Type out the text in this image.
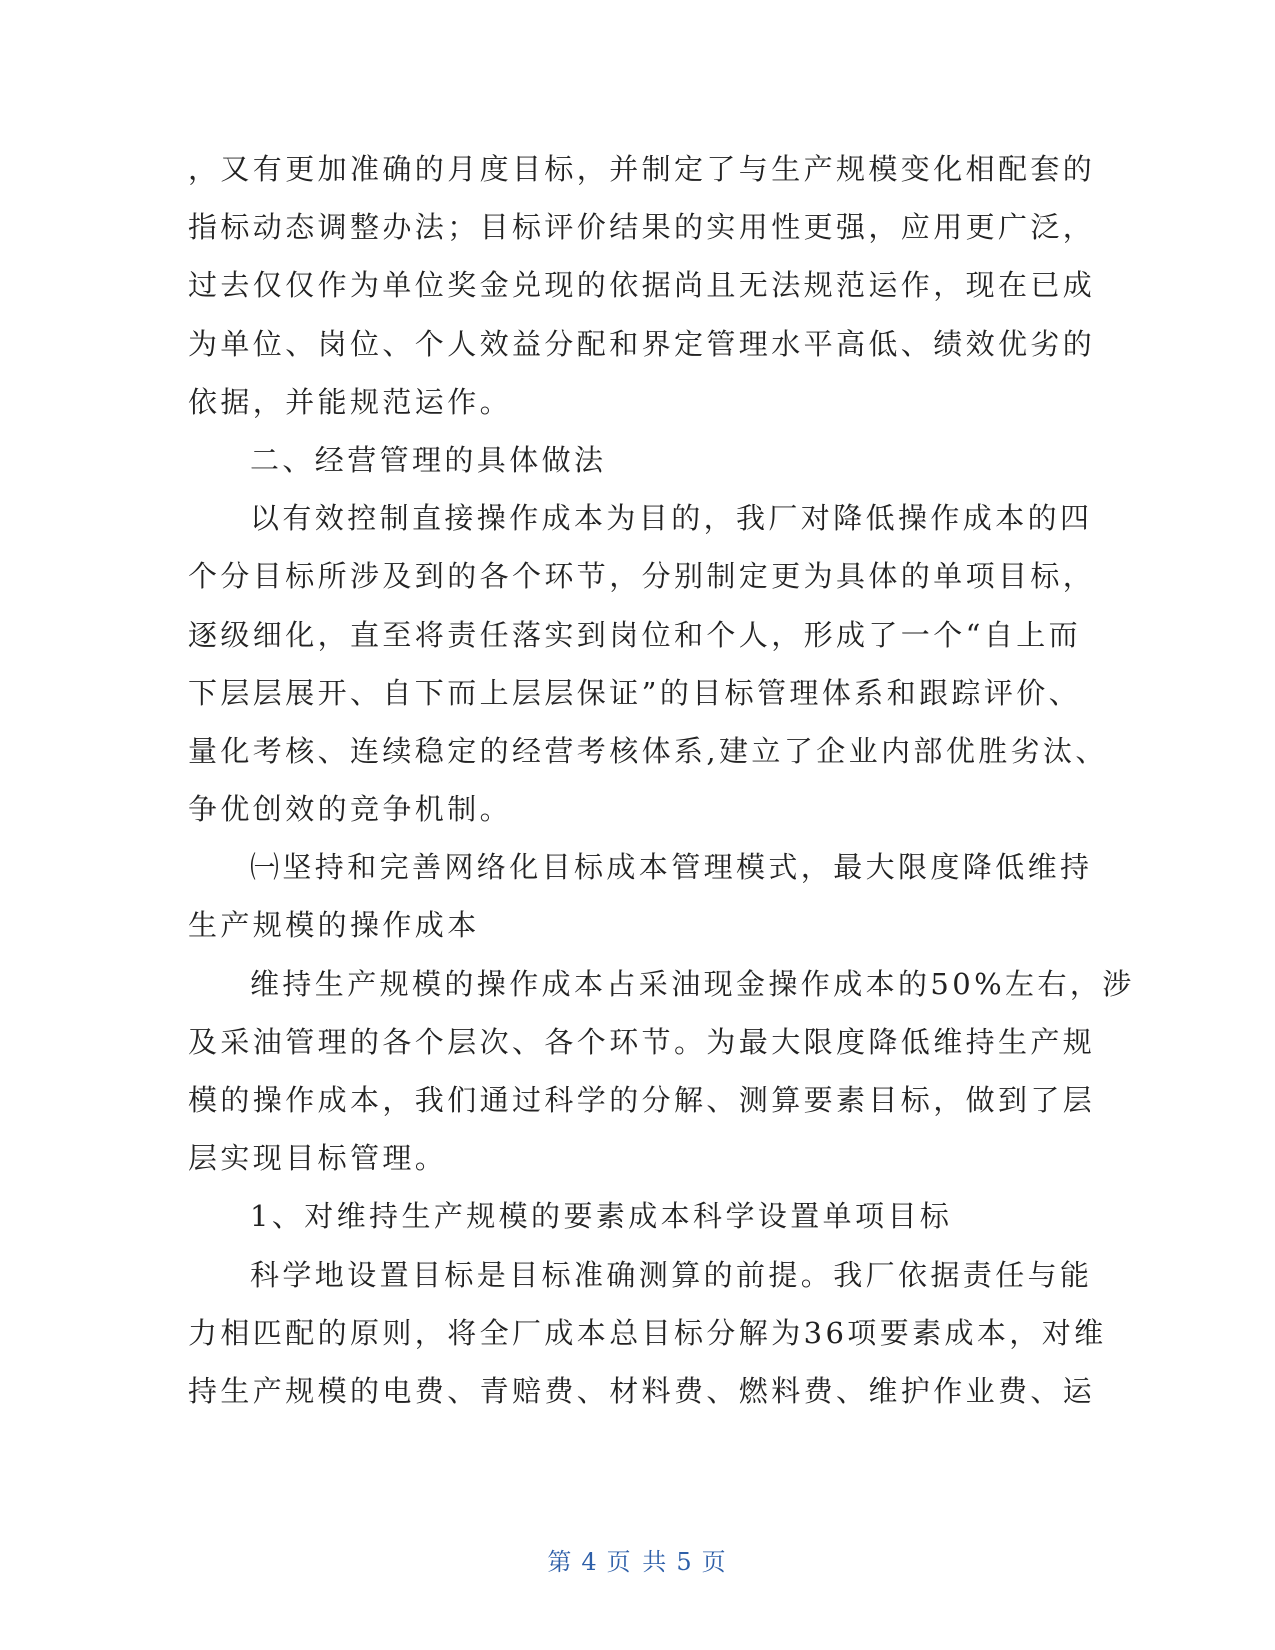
，又有更加准确的月度目标，并制定了与生产规模变化相配套的
指标动态调整办法；目标评价结果的实用性更强，应用更广泛，
过去仅仅作为单位奖金兑现的依据尚且无法规范运作，现在已成
为单位、岗位、个人效益分配和界定管理水平高低、绩效优劣的
依据，并能规范运作。
二、经营管理的具体做法
以有效控制直接操作成本为目的，我厂对降低操作成本的四
个分目标所涉及到的各个环节，分别制定更为具体的单项目标，
逐级细化，直至将责任落实到岗位和个人，形成了一个“自上而
下层层展开、自下而上层层保证”的目标管理体系和跟踪评价、
量化考核、连续稳定的经营考核体系,建立了企业内部优胜劣汰、
争优创效的竞争机制。
㈠坚持和完善网络化目标成本管理模式，最大限度降低维持
生产规模的操作成本
维持生产规模的操作成本占采油现金操作成本的50%左右，涉
及采油管理的各个层次、各个环节。为最大限度降低维持生产规
模的操作成本，我们通过科学的分解、测算要素目标，做到了层
层实现目标管理。
1、对维持生产规模的要素成本科学设置单项目标
科学地设置目标是目标准确测算的前提。我厂依据责任与能
力相匹配的原则，将全厂成本总目标分解为36项要素成本，对维
持生产规模的电费、青赔费、材料费、燃料费、维护作业费、运
第 4 页 共 5 页
